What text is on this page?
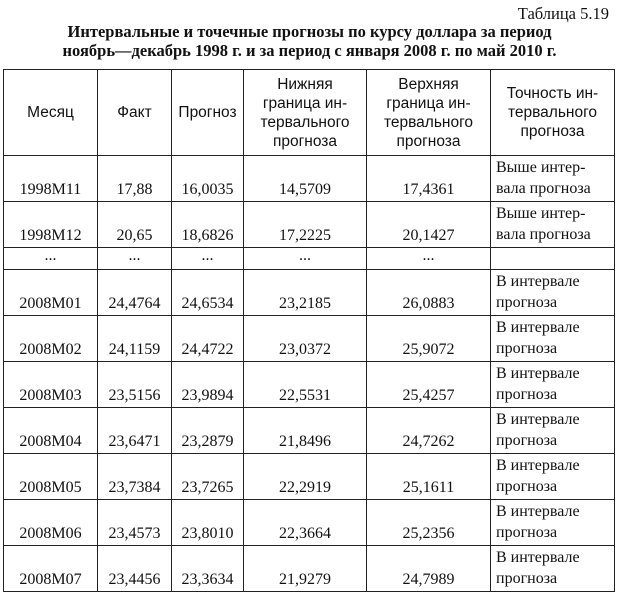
Таблица 5.19
Интервальные и точечные прогнозы по курсу доллара за период
ноябрь—декабрь 1998 г. и за период с января 2008 г. по май 2010 г.
Месяц	Факт	Прогноз	Нижняя граница ин-тервального прогноза	Верхняя граница ин-тервального прогноза	Точность ин-тервального прогноза
1998M11	17,88	16,0035	14,5709	17,4361	Выше интер-вала прогноза
1998M12	20,65	18,6826	17,2225	20,1427	Выше интер-вала прогноза
...	...	...	...	...	
2008M01	24,4764	24,6534	23,2185	26,0883	В интервале прогноза
2008M02	24,1159	24,4722	23,0372	25,9072	В интервале прогноза
2008M03	23,5156	23,9894	22,5531	25,4257	В интервале прогноза
2008M04	23,6471	23,2879	21,8496	24,7262	В интервале прогноза
2008M05	23,7384	23,7265	22,2919	25,1611	В интервале прогноза
2008M06	23,4573	23,8010	22,3664	25,2356	В интервале прогноза
2008M07	23,4456	23,3634	21,9279	24,7989	В интервале прогноза
